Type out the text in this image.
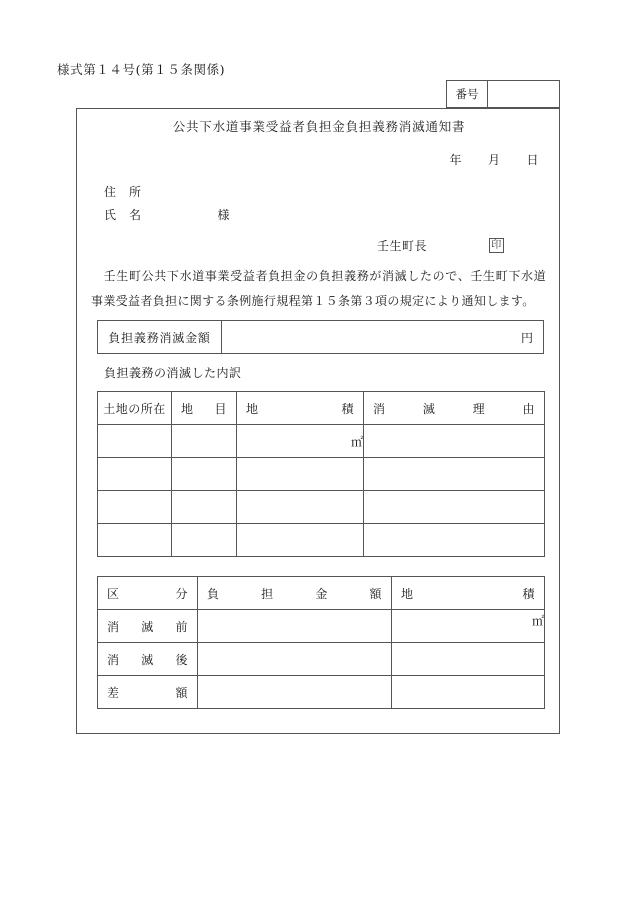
様式第１４号(第１５条関係)
番号
公共下水道事業受益者負担金負担義務消滅通知書
年 月 日
住　所
氏　名	様
壬生町長	印
　壬生町公共下水道事業受益者負担金の負担義務が消滅したので、壬生町下水道事業受益者負担に関する条例施行規程第１５条第３項の規定により通知します。
負担義務消滅金額	円
負担義務の消滅した内訳
土地の所在	地 目	地 積	消 滅 理 由

		㎡	

区 分	負 担 金 額	地 積

消 滅 前		㎡

消 滅 後		

差 額		
